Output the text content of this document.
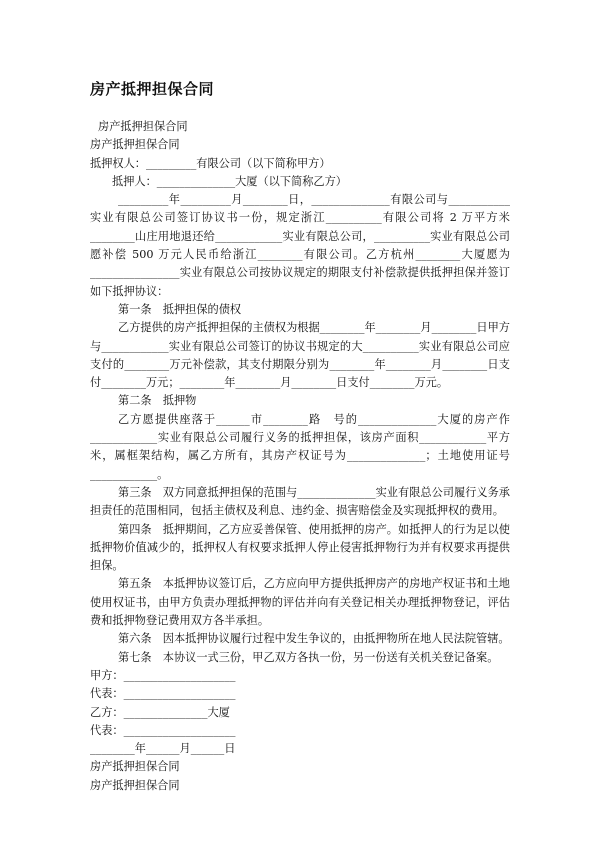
房产抵押担保合同

房产抵押担保合同

房产抵押担保合同

抵押权人：_________有限公司（以下简称甲方）

抵押人：______________大厦（以下简称乙方）

_________年_________月________日，______________有限公司与___________实业有限总公司签订协议书一份，规定浙江__________有限公司将 2 万平方米________山庄用地退还给____________实业有限总公司，__________实业有限总公司愿补偿 500 万元人民币给浙江________有限公司。乙方杭州________大厦愿为________________实业有限总公司按协议规定的期限支付补偿款提供抵押担保并签订如下抵押协议：

第一条　抵押担保的债权

乙方提供的房产抵押担保的主债权为根据________年________月________日甲方与____________实业有限总公司签订的协议书规定的大__________实业有限总公司应支付的________万元补偿款，其支付期限分别为________年________月________日支付________万元；________年________月________日支付________万元。

第二条　抵押物

乙方愿提供座落于______市________路　号的______________大厦的房产作____________实业有限总公司履行义务的抵押担保，该房产面积____________平方米，属框架结构，属乙方所有，其房产权证号为______________；土地使用证号____________。

第三条　双方同意抵押担保的范围与______________实业有限总公司履行义务承担责任的范围相同，包括主债权及利息、违约金、损害赔偿金及实现抵押权的费用。

第四条　抵押期间，乙方应妥善保管、使用抵押的房产。如抵押人的行为足以使抵押物价值减少的，抵押权人有权要求抵押人停止侵害抵押物行为并有权要求再提供担保。

第五条　本抵押协议签订后，乙方应向甲方提供抵押房产的房地产权证书和土地使用权证书，由甲方负责办理抵押物的评估并向有关登记相关办理抵押物登记，评估费和抵押物登记费用双方各半承担。

第六条　因本抵押协议履行过程中发生争议的，由抵押物所在地人民法院管辖。

第七条　本协议一式三份，甲乙双方各执一份，另一份送有关机关登记备案。

甲方：____________________

代表：____________________

乙方：_______________大厦

代表：____________________

________年______月______日

房产抵押担保合同

房产抵押担保合同
